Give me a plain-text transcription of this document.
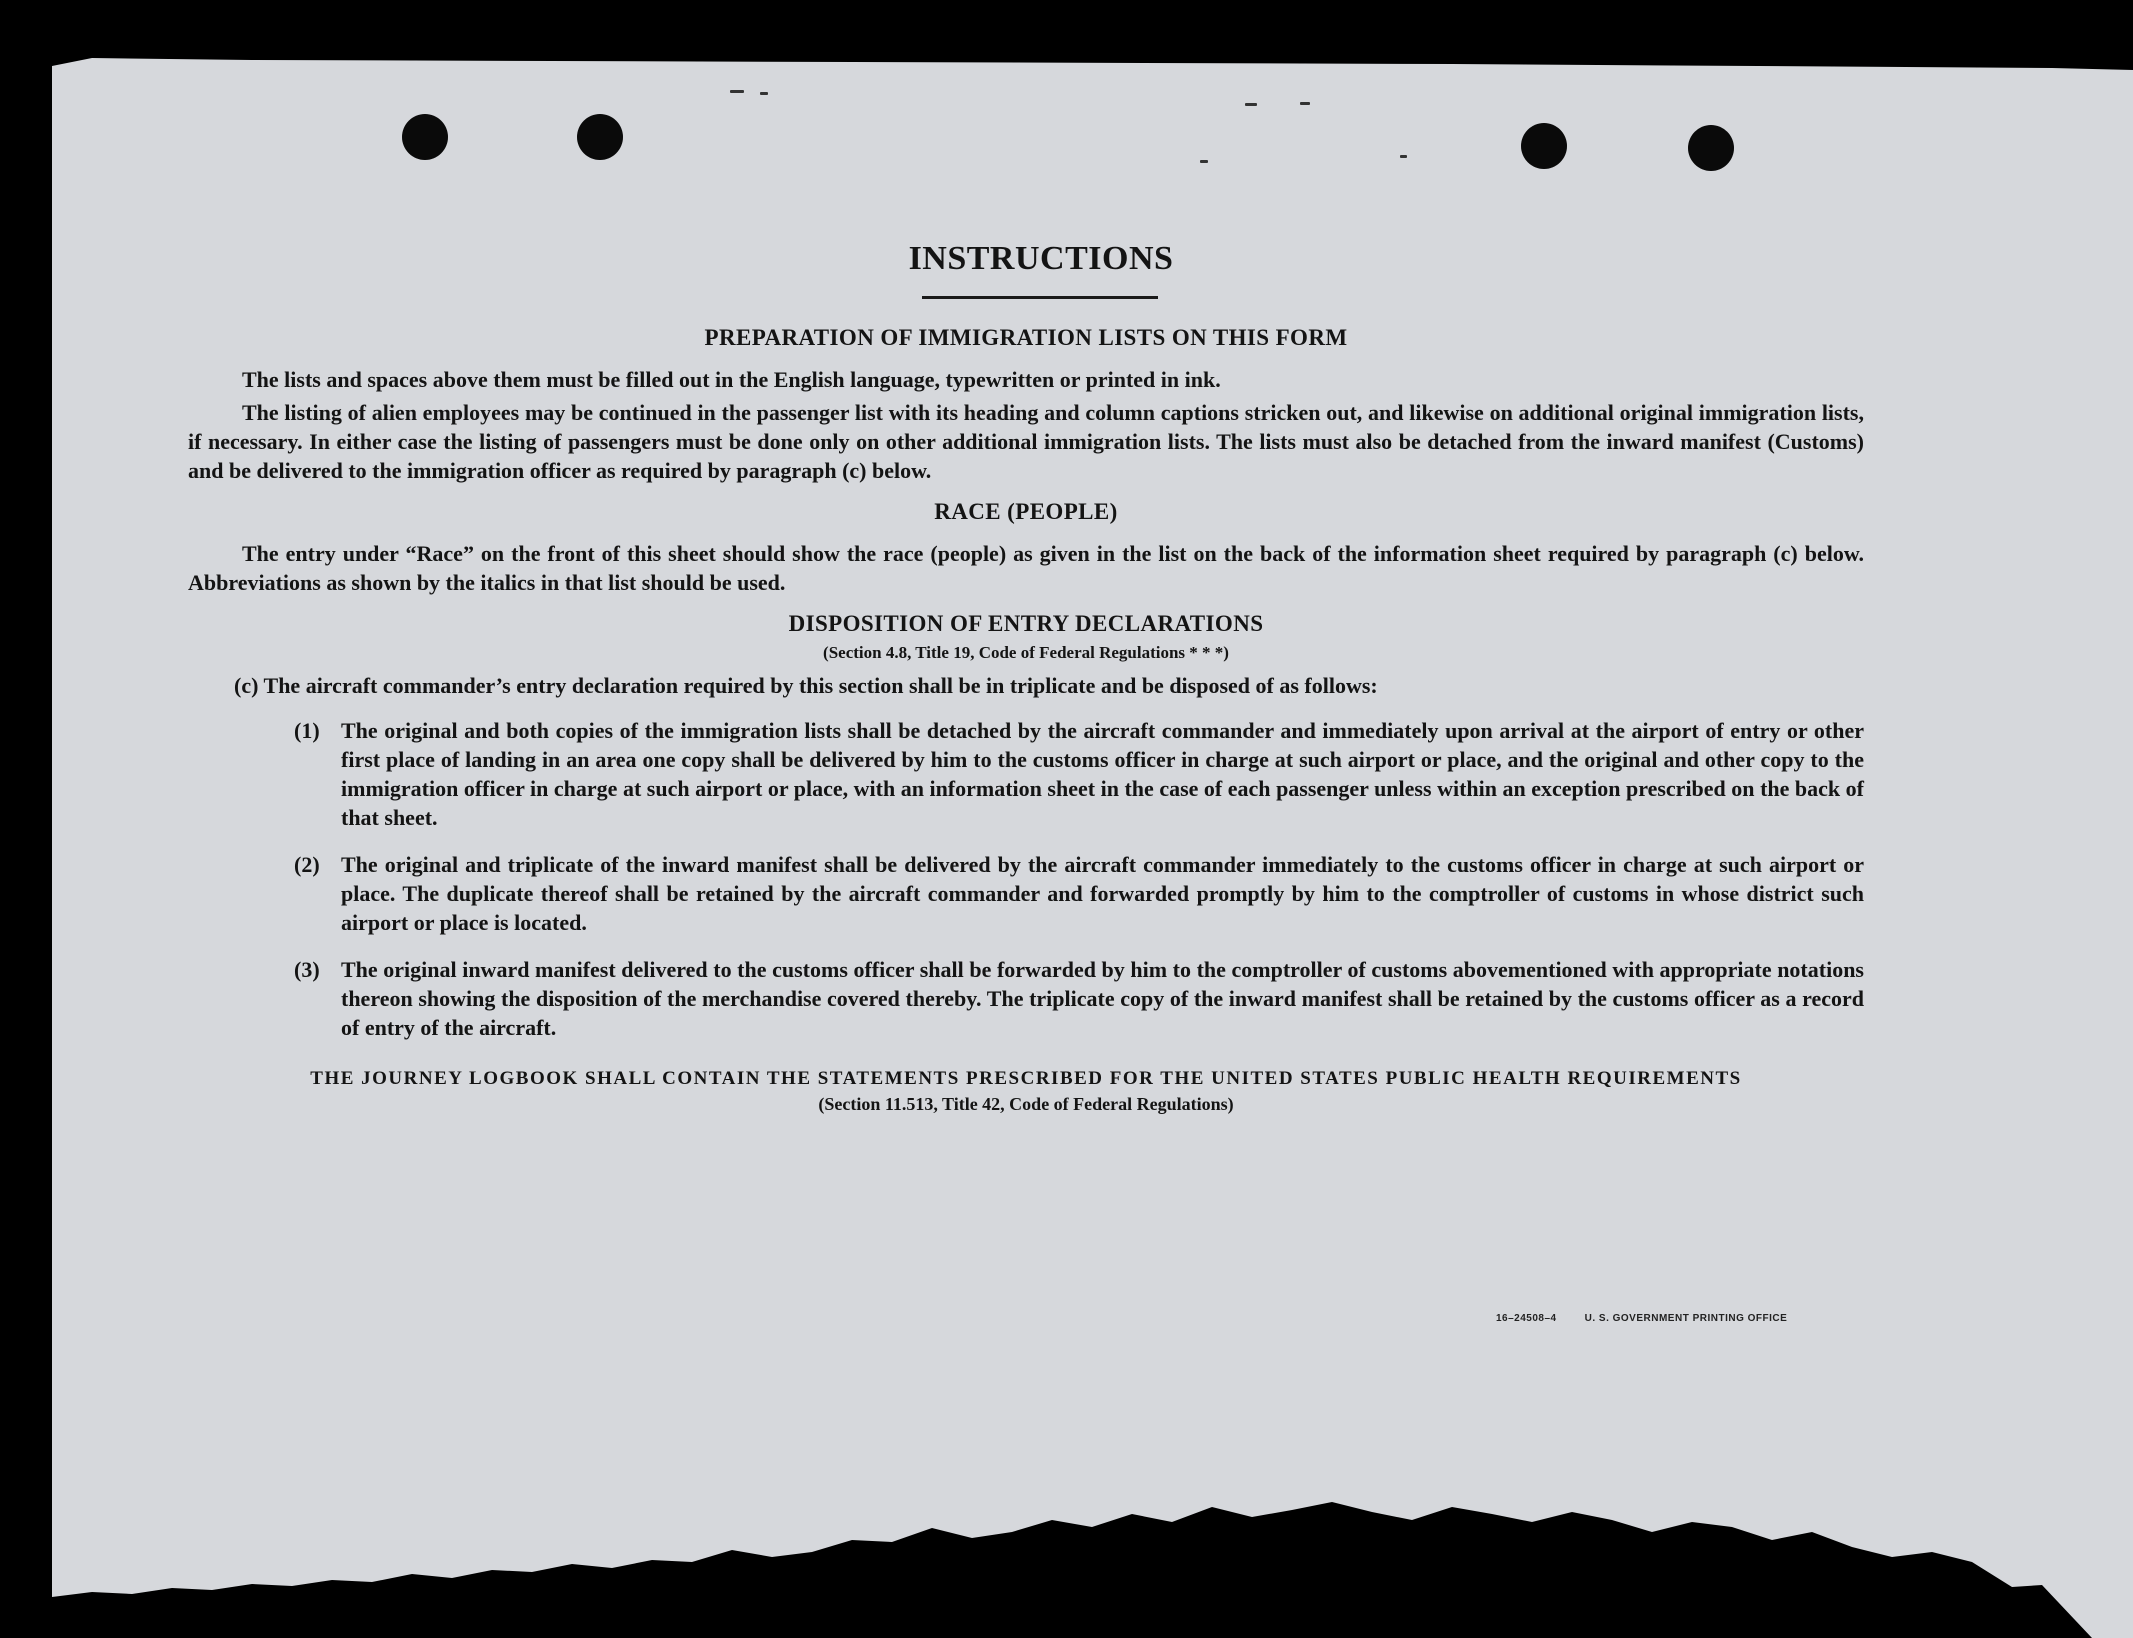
INSTRUCTIONS
PREPARATION OF IMMIGRATION LISTS ON THIS FORM

The lists and spaces above them must be filled out in the English language, typewritten or printed in ink.

The listing of alien employees may be continued in the passenger list with its heading and column captions stricken out, and likewise on additional original immigration lists, if necessary. In either case the listing of passengers must be done only on other additional immigration lists. The lists must also be detached from the inward manifest (Customs) and be delivered to the immigration officer as required by paragraph (c) below.

RACE (PEOPLE)

The entry under “Race” on the front of this sheet should show the race (people) as given in the list on the back of the information sheet required by paragraph (c) below. Abbreviations as shown by the italics in that list should be used.

DISPOSITION OF ENTRY DECLARATIONS
(Section 4.8, Title 19, Code of Federal Regulations * * *)

(c) The aircraft commander’s entry declaration required by this section shall be in triplicate and be disposed of as follows:

(1) The original and both copies of the immigration lists shall be detached by the aircraft commander and immediately upon arrival at the airport of entry or other first place of landing in an area one copy shall be delivered by him to the customs officer in charge at such airport or place, and the original and other copy to the immigration officer in charge at such airport or place, with an information sheet in the case of each passenger unless within an exception prescribed on the back of that sheet.
(2) The original and triplicate of the inward manifest shall be delivered by the aircraft commander immediately to the customs officer in charge at such airport or place. The duplicate thereof shall be retained by the aircraft commander and forwarded promptly by him to the comptroller of customs in whose district such airport or place is located.
(3) The original inward manifest delivered to the customs officer shall be forwarded by him to the comptroller of customs abovementioned with appropriate notations thereon showing the disposition of the merchandise covered thereby. The triplicate copy of the inward manifest shall be retained by the customs officer as a record of entry of the aircraft.
THE JOURNEY LOGBOOK SHALL CONTAIN THE STATEMENTS PRESCRIBED FOR THE UNITED STATES PUBLIC HEALTH REQUIREMENTS
(Section 11.513, Title 42, Code of Federal Regulations)
16–24508–4	U. S. GOVERNMENT PRINTING OFFICE
